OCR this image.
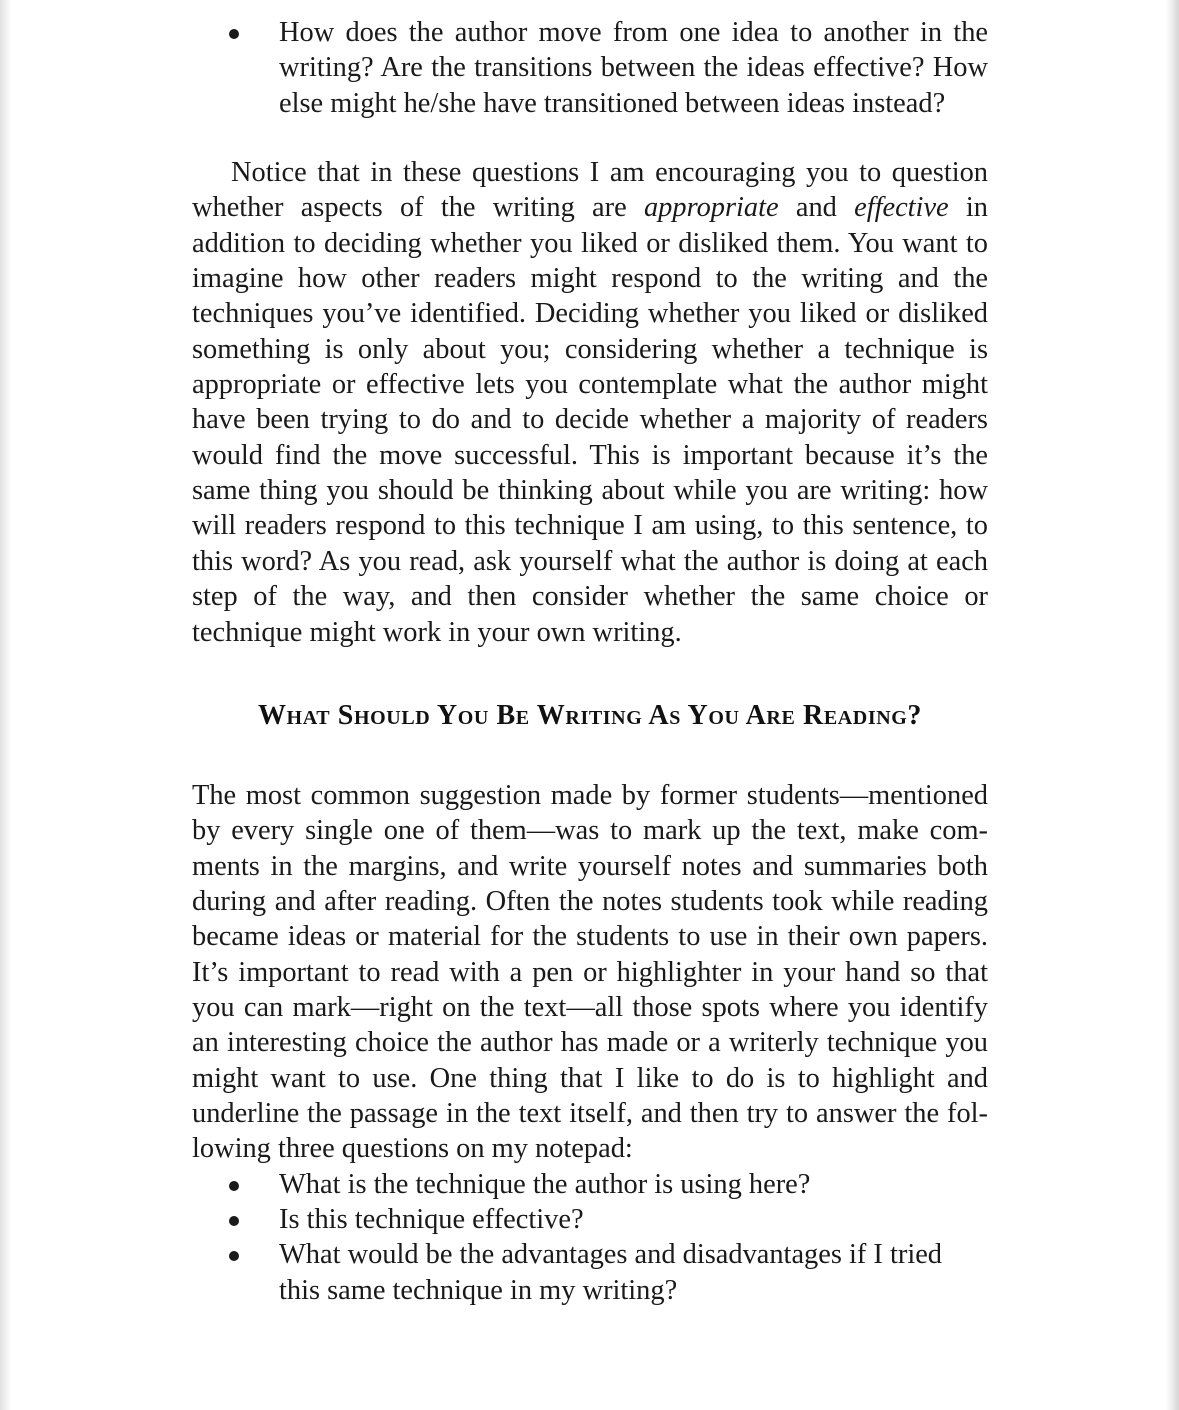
How does the author move from one idea to another in the writing? Are the transitions between the ideas effective? How else might he/she have transitioned between ideas instead?

Notice that in these questions I am encouraging you to question whether aspects of the writing are appropriate and effective in addition to deciding whether you liked or disliked them. You want to imagine how other readers might respond to the writing and the techniques you’ve identified. Deciding whether you liked or disliked something is only about you; considering whether a technique is appropriate or effective lets you contemplate what the author might have been trying to do and to decide whether a majority of readers would find the move successful. This is important because it’s the same thing you should be thinking about while you are writing: how will readers respond to this technique I am using, to this sentence, to this word? As you read, ask yourself what the author is doing at each step of the way, and then consider whether the same choice or technique might work in your own writing.

What Should You Be Writing As You Are Reading?

The most common suggestion made by former students—mentioned by every single one of them—was to mark up the text, make comments in the margins, and write yourself notes and summaries both during and after reading. Often the notes students took while reading became ideas or material for the students to use in their own papers. It’s important to read with a pen or highlighter in your hand so that you can mark—right on the text—all those spots where you identify an interesting choice the author has made or a writerly technique you might want to use. One thing that I like to do is to highlight and underline the passage in the text itself, and then try to answer the following three questions on my notepad:

What is the technique the author is using here?
Is this technique effective?
What would be the advantages and disadvantages if I tried this same technique in my writing?
